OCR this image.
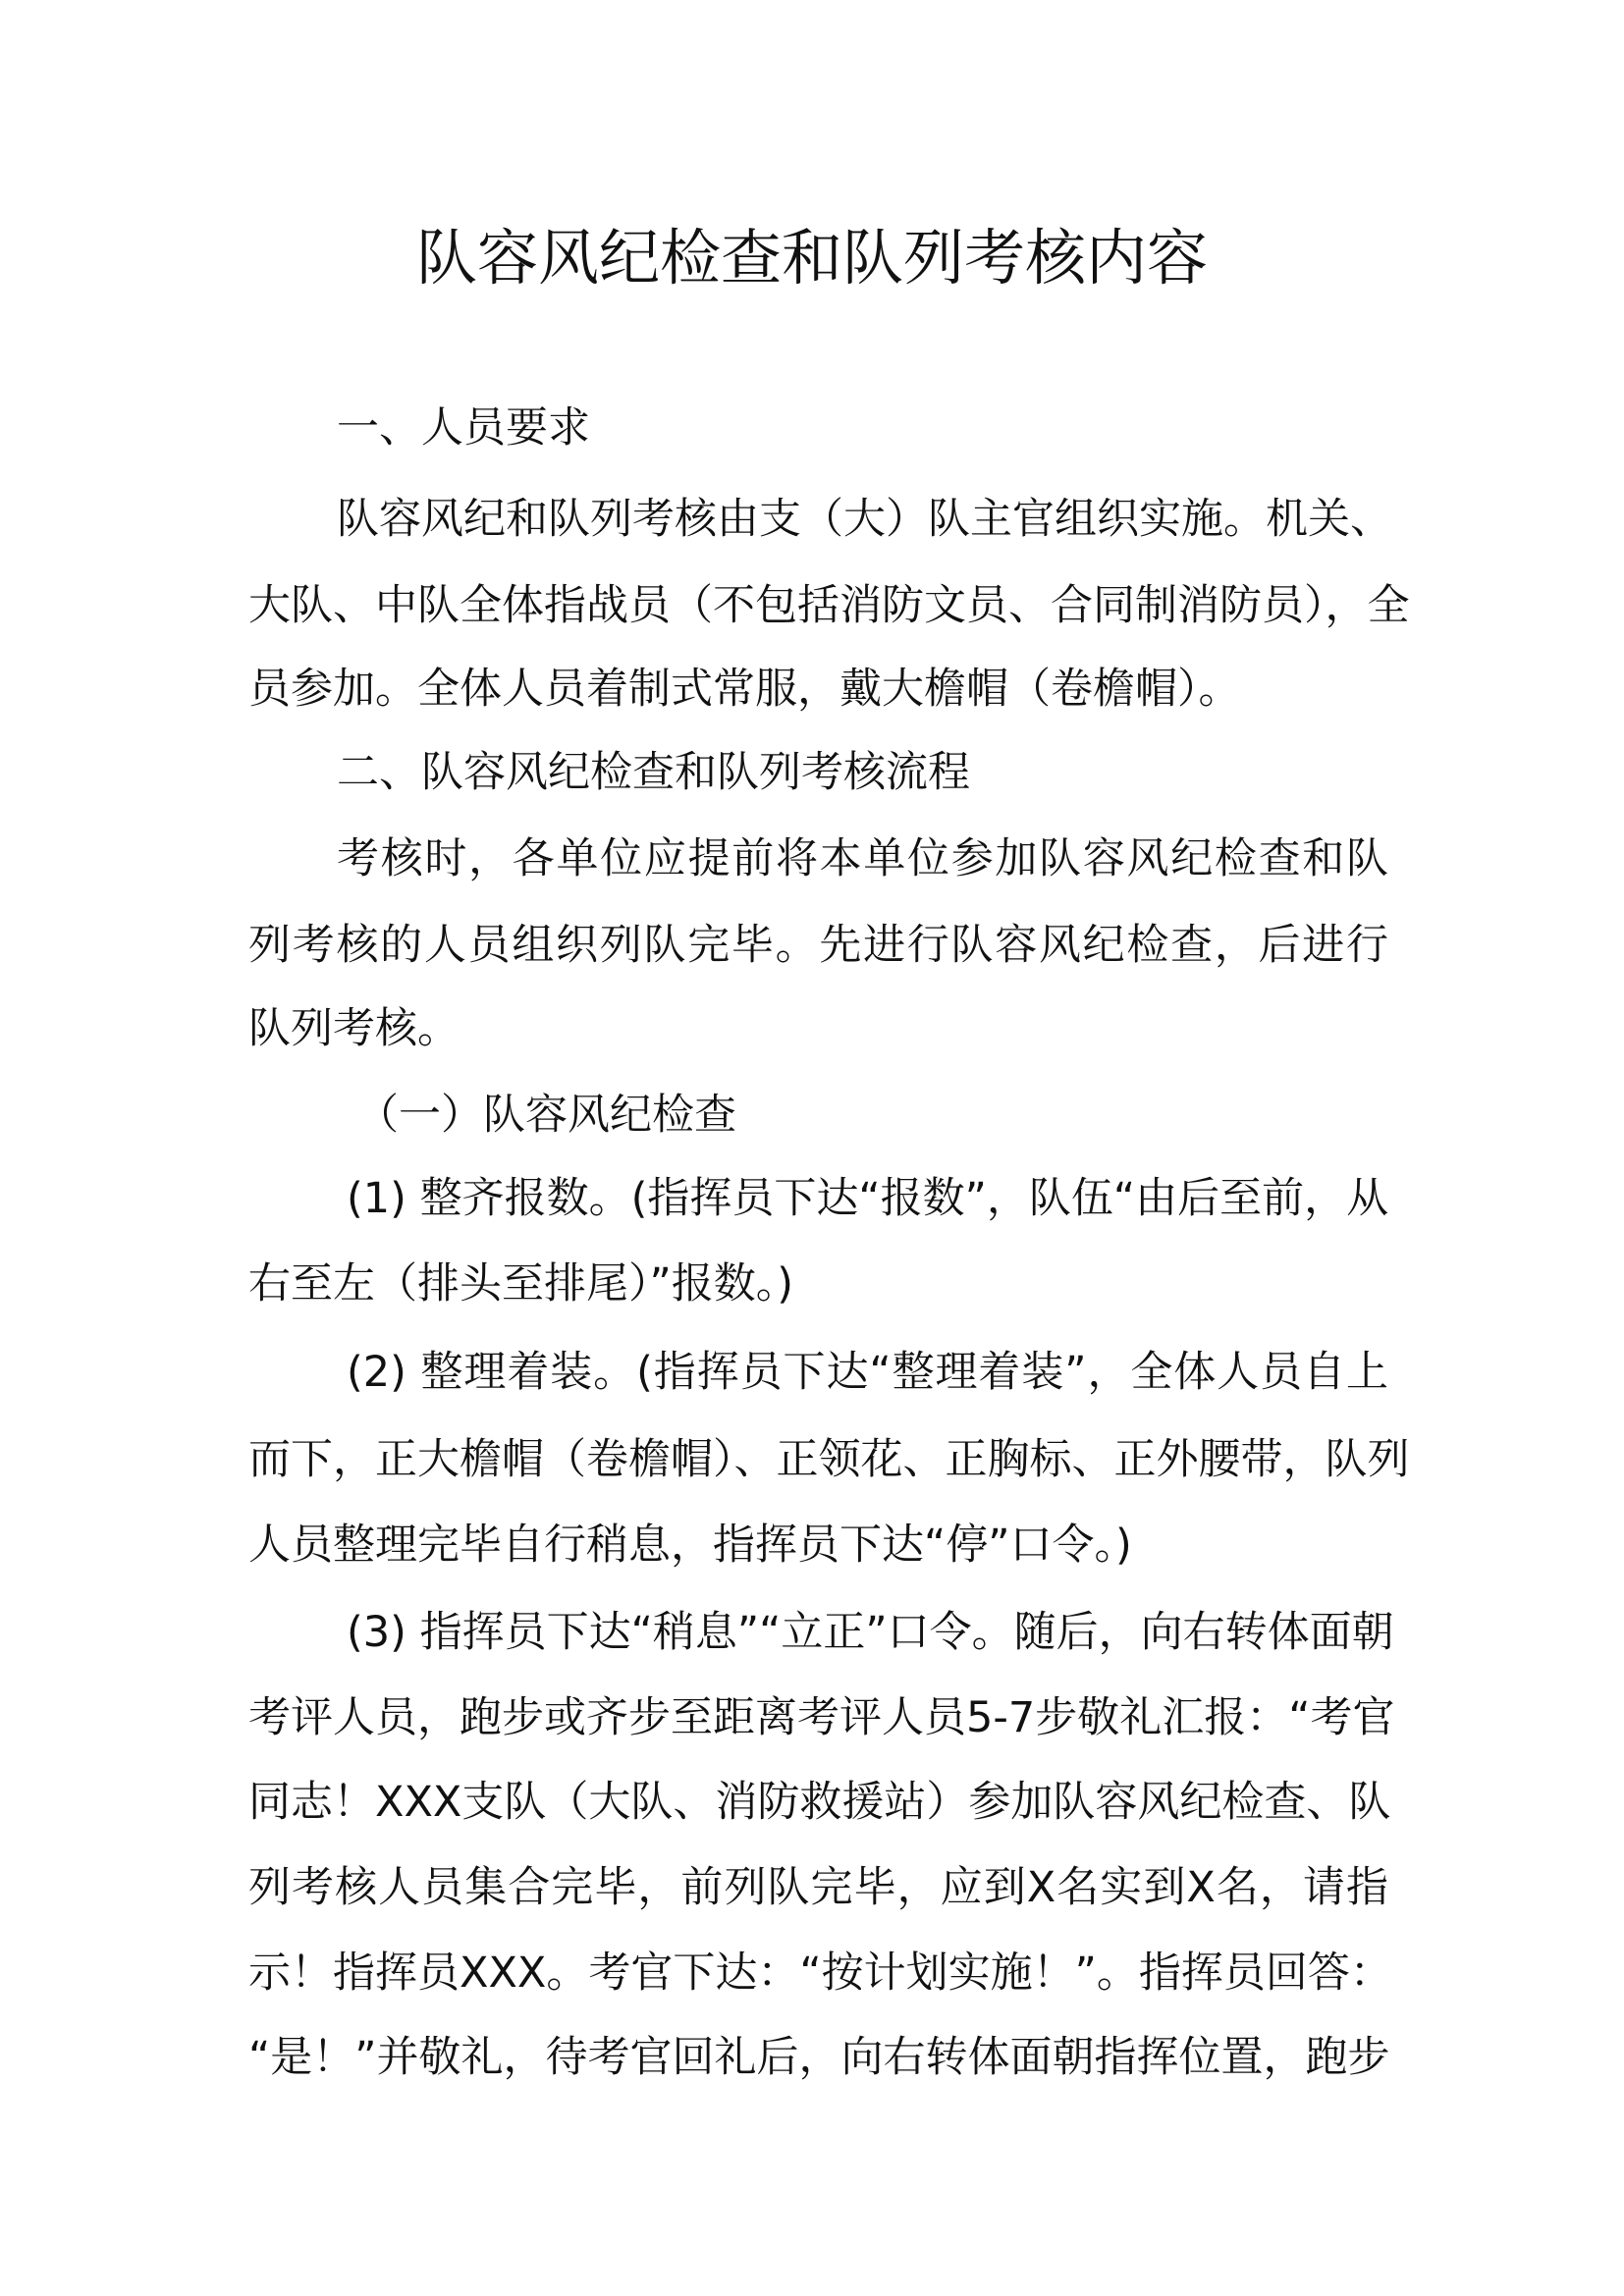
队容风纪检查和队列考核内容
一、人员要求
队容风纪和队列考核由支（大）队主官组织实施。机关、
大队、中队全体指战员（不包括消防文员、合同制消防员），全
员参加。全体人员着制式常服，戴大檐帽（卷檐帽）。
二、队容风纪检查和队列考核流程
考核时，各单位应提前将本单位参加队容风纪检查和队
列考核的人员组织列队完毕。先进行队容风纪检查，后进行
队列考核。
（一）队容风纪检查
(1) 整齐报数。(指挥员下达“报数”，队伍“由后至前，从
右至左（排头至排尾）”报数。)
(2) 整理着装。(指挥员下达“整理着装”，全体人员自上
而下，正大檐帽（卷檐帽）、正领花、正胸标、正外腰带，队列
人员整理完毕自行稍息，指挥员下达“停”口令。)
(3) 指挥员下达“稍息”“立正”口令。随后，向右转体面朝
考评人员，跑步或齐步至距离考评人员5-7步敬礼汇报：“考官
同志！XXX支队（大队、消防救援站）参加队容风纪检查、队
列考核人员集合完毕，前列队完毕，应到X名实到X名，请指
示！指挥员XXX。考官下达：“按计划实施！”。指挥员回答：
“是！”并敬礼，待考官回礼后，向右转体面朝指挥位置，跑步
